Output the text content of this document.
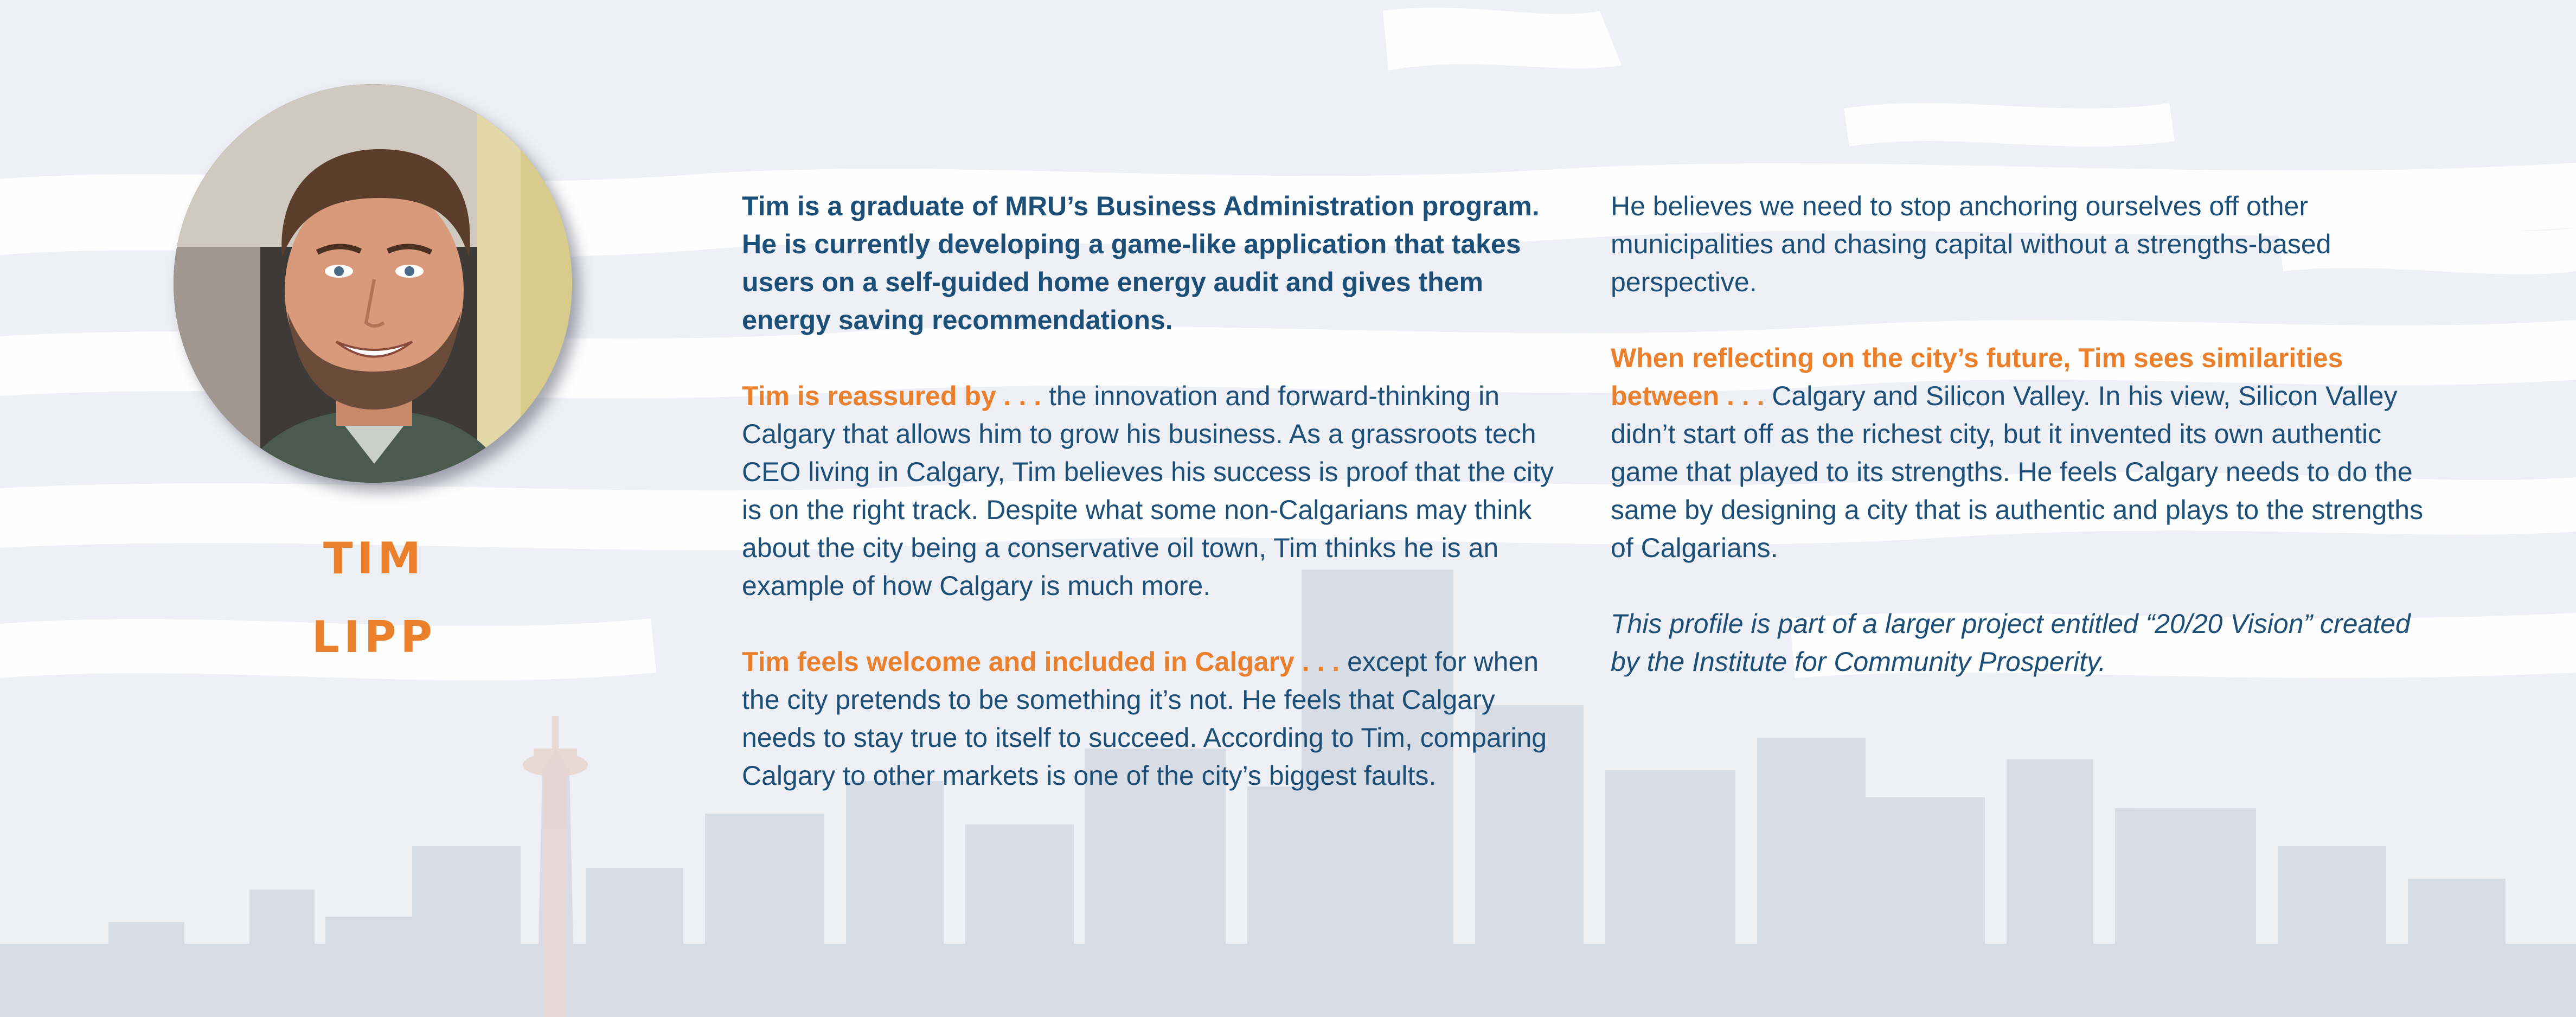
TIM
LIPP

Tim is a graduate of MRU’s Business Administration program. He is currently developing a game-like application that takes users on a self-guided home energy audit and gives them energy saving recommendations.

Tim is reassured by . . . the innovation and forward-thinking in Calgary that allows him to grow his business. As a grassroots tech CEO living in Calgary, Tim believes his success is proof that the city is on the right track. Despite what some non-Calgarians may think about the city being a conservative oil town, Tim thinks he is an example of how Calgary is much more.

Tim feels welcome and included in Calgary . . . except for when the city pretends to be something it’s not. He feels that Calgary needs to stay true to itself to succeed. According to Tim, comparing Calgary to other markets is one of the city’s biggest faults.

He believes we need to stop anchoring ourselves off other municipalities and chasing capital without a strengths-based perspective.

When reflecting on the city’s future, Tim sees similarities between . . . Calgary and Silicon Valley. In his view, Silicon Valley didn’t start off as the richest city, but it invented its own authentic game that played to its strengths. He feels Calgary needs to do the same by designing a city that is authentic and plays to the strengths of Calgarians.

This profile is part of a larger project entitled “20/20 Vision” created by the Institute for Community Prosperity.
